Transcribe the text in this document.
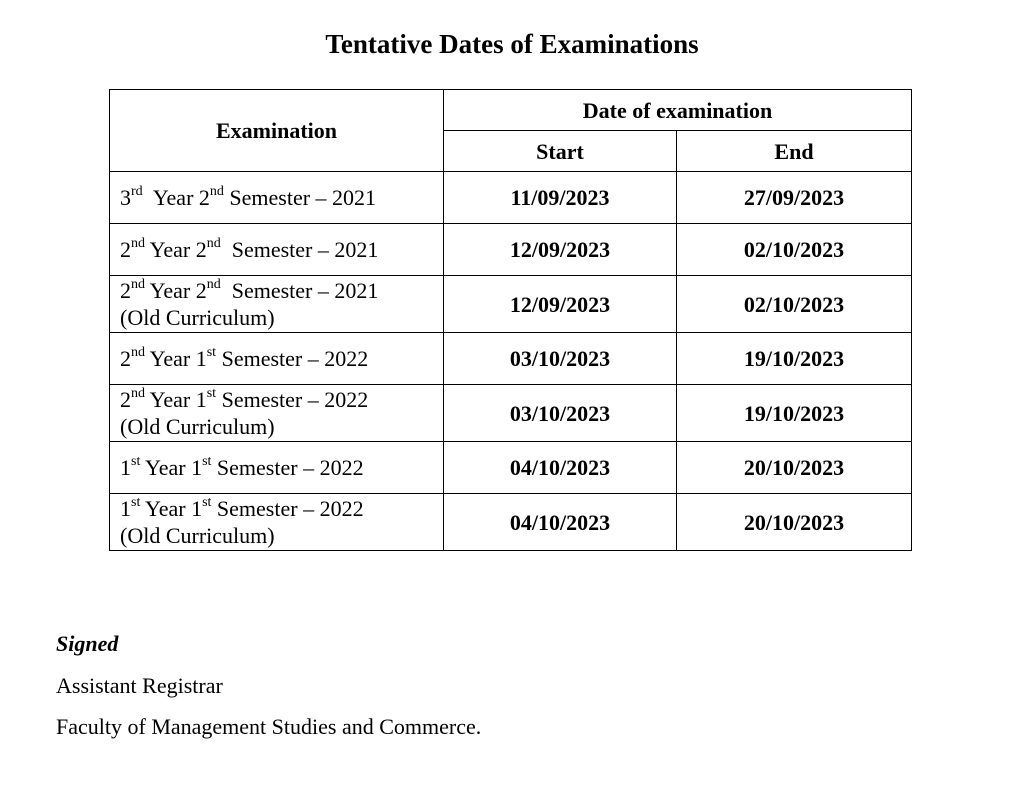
Tentative Dates of Examinations
Examination	Date of examination	
	Start	End

3rd  Year 2nd Semester – 2021	11/09/2023	27/09/2023

2nd Year 2nd  Semester – 2021	12/09/2023	02/10/2023

2nd Year 2nd  Semester – 2021
(Old Curriculum)	12/09/2023	02/10/2023

2nd Year 1st Semester – 2022	03/10/2023	19/10/2023

2nd Year 1st Semester – 2022
(Old Curriculum)	03/10/2023	19/10/2023

1st Year 1st Semester – 2022	04/10/2023	20/10/2023

1st Year 1st Semester – 2022
(Old Curriculum)	04/10/2023	20/10/2023

Signed

Assistant Registrar

Faculty of Management Studies and Commerce.
